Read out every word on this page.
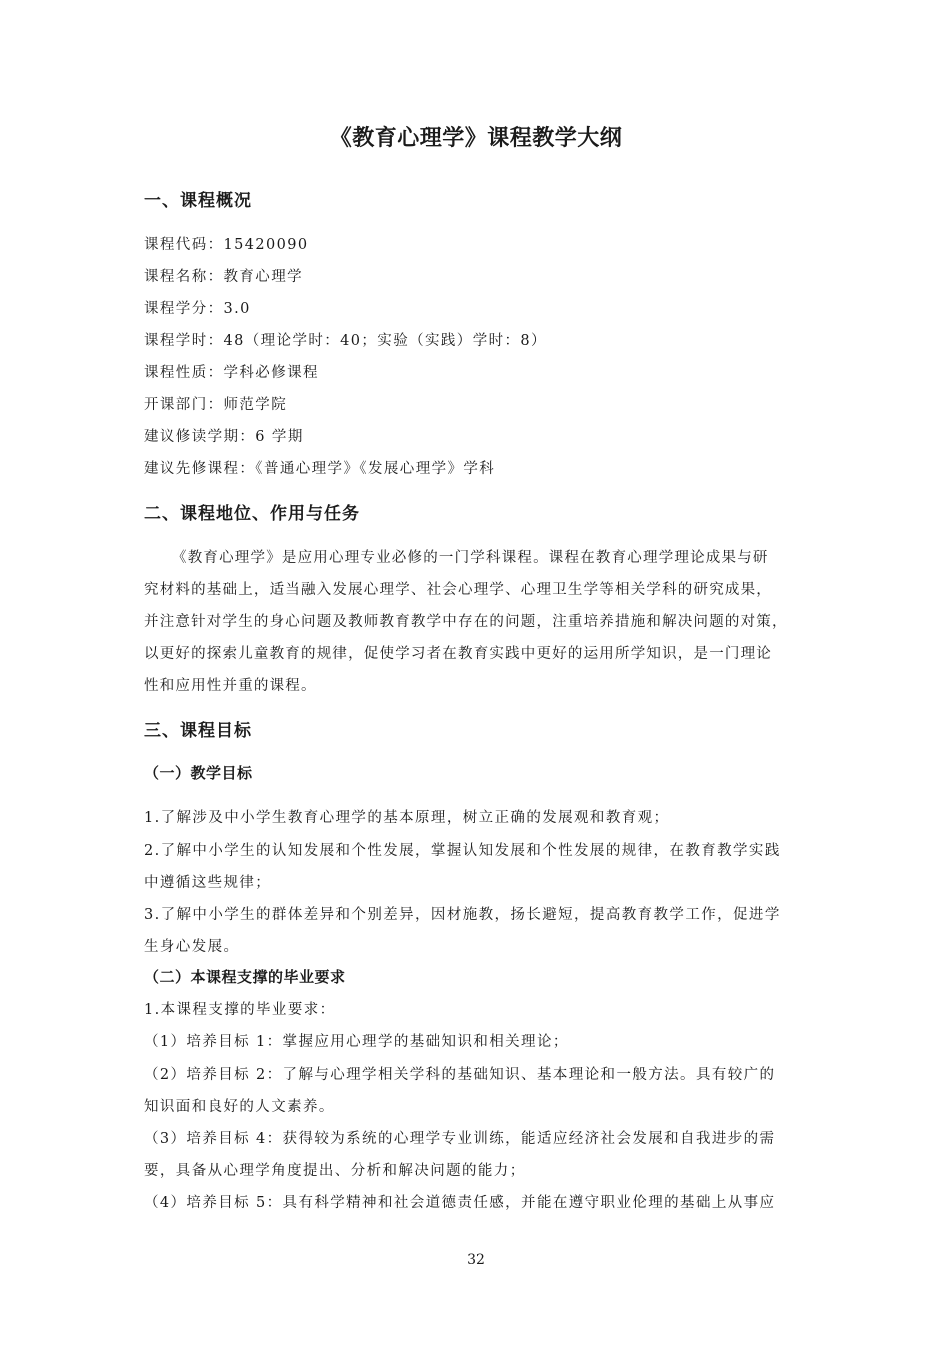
《教育心理学》课程教学大纲
一、课程概况
课程代码：15420090
课程名称：教育心理学
课程学分：3.0
课程学时：48（理论学时：40；实验（实践）学时：8）
课程性质：学科必修课程
开课部门：师范学院
建议修读学期：6 学期
建议先修课程：《普通心理学》《发展心理学》学科
二、课程地位、作用与任务
《教育心理学》是应用心理专业必修的一门学科课程。课程在教育心理学理论成果与研
究材料的基础上，适当融入发展心理学、社会心理学、心理卫生学等相关学科的研究成果，
并注意针对学生的身心问题及教师教育教学中存在的问题，注重培养措施和解决问题的对策，
以更好的探索儿童教育的规律，促使学习者在教育实践中更好的运用所学知识，是一门理论
性和应用性并重的课程。
三、课程目标
（一）教学目标
1.了解涉及中小学生教育心理学的基本原理，树立正确的发展观和教育观；
2.了解中小学生的认知发展和个性发展，掌握认知发展和个性发展的规律，在教育教学实践
中遵循这些规律；
3.了解中小学生的群体差异和个别差异，因材施教，扬长避短，提高教育教学工作，促进学
生身心发展。
（二）本课程支撑的毕业要求
1.本课程支撑的毕业要求：
（1）培养目标 1：掌握应用心理学的基础知识和相关理论；
（2）培养目标 2：了解与心理学相关学科的基础知识、基本理论和一般方法。具有较广的
知识面和良好的人文素养。
（3）培养目标 4：获得较为系统的心理学专业训练，能适应经济社会发展和自我进步的需
要，具备从心理学角度提出、分析和解决问题的能力；
（4）培养目标 5：具有科学精神和社会道德责任感，并能在遵守职业伦理的基础上从事应
32
